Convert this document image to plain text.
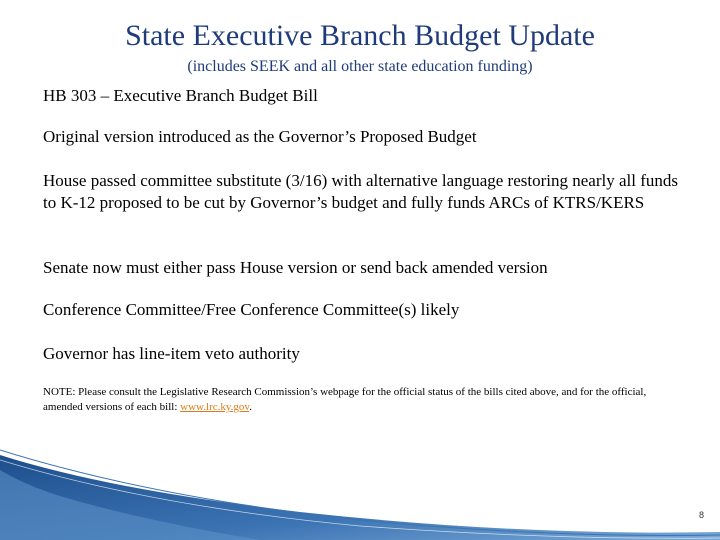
State Executive Branch Budget Update
(includes SEEK and all other state education funding)

HB 303 – Executive Branch Budget Bill

Original version introduced as the Governor’s Proposed Budget

House passed committee substitute (3/16) with alternative language restoring nearly all funds to K-12 proposed to be cut by Governor’s budget and fully funds ARCs of KTRS/KERS

Senate now must either pass House version or send back amended version

Conference Committee/Free Conference Committee(s) likely

Governor has line-item veto authority

NOTE: Please consult the Legislative Research Commission’s webpage for the official status of the bills cited above, and for the official, amended versions of each bill: www.lrc.ky.gov.

8
